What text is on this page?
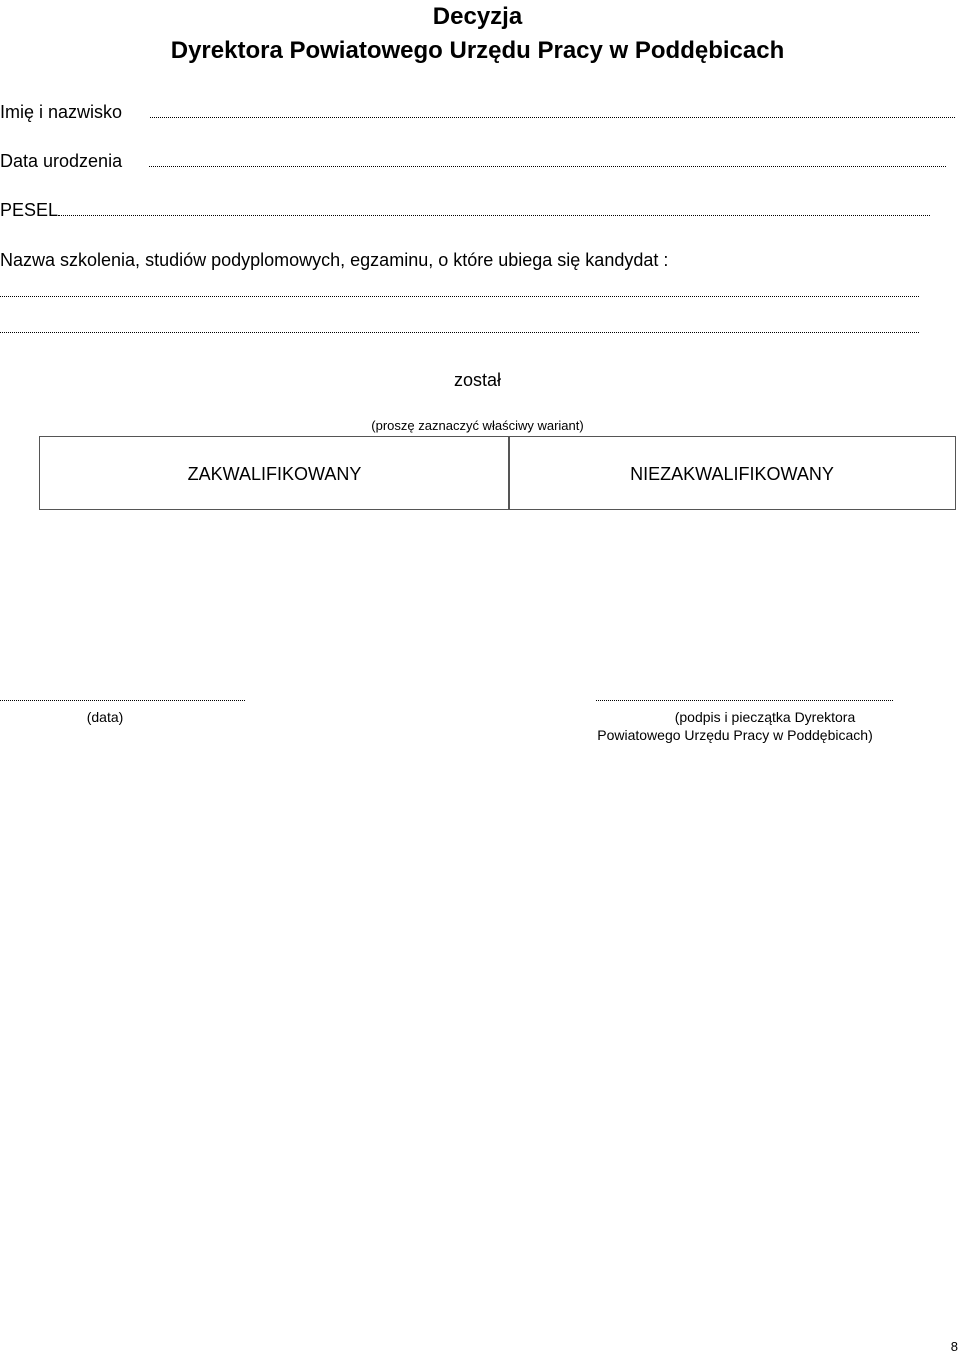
Decyzja
Dyrektora Powiatowego Urzędu Pracy w Poddębicach
Imię i nazwisko
Data urodzenia
PESEL
Nazwa szkolenia, studiów podyplomowych, egzaminu, o które ubiega się kandydat :
został
(proszę zaznaczyć właściwy wariant)
ZAKWALIFIKOWANY	NIEZAKWALIFIKOWANY
(data)	(podpis i pieczątka Dyrektora
Powiatowego Urzędu Pracy w Poddębicach)
8
